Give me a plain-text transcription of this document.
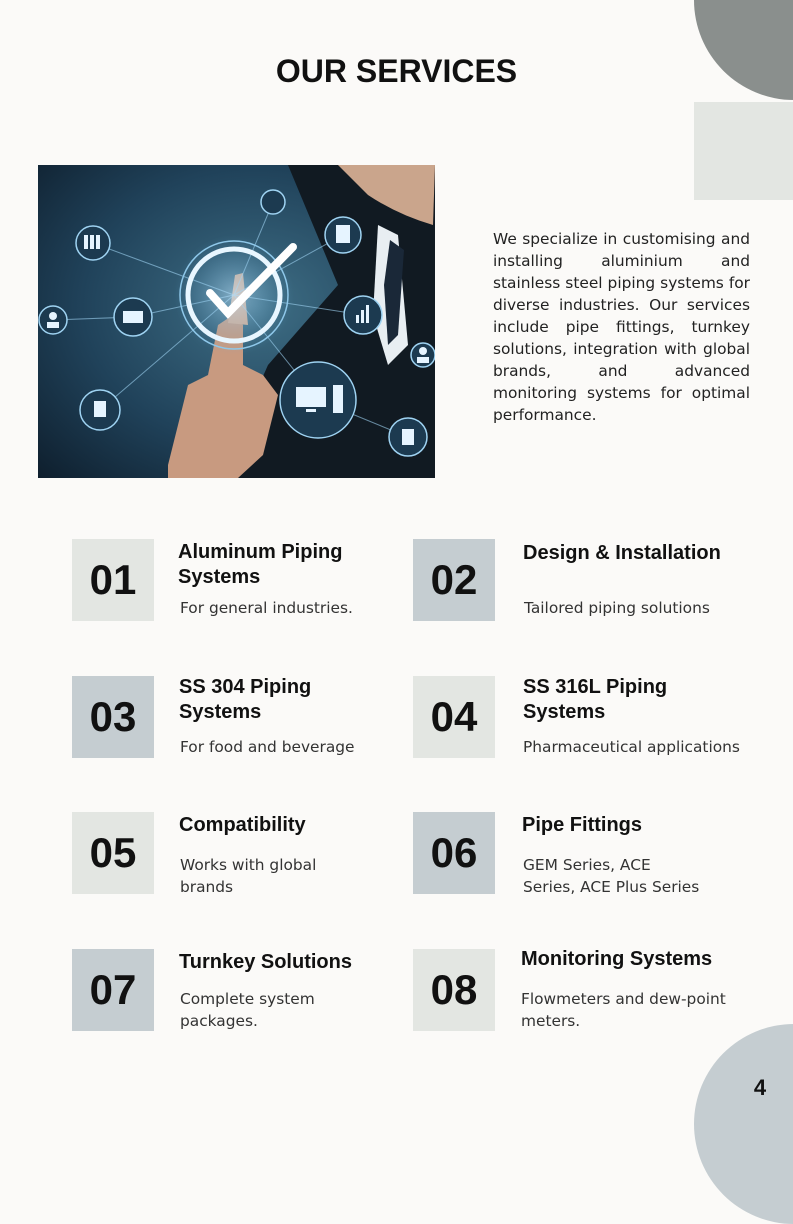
OUR SERVICES

We specialize in customising and installing aluminium and stainless steel piping systems for diverse industries. Our services include pipe fittings, turnkey solutions, integration with global brands, and advanced monitoring systems for optimal performance.

01
Aluminum Piping
Systems
For general industries.
02
Design & Installation
Tailored piping solutions
03
SS 304 Piping
Systems
For food and beverage
04
SS 316L Piping
Systems
Pharmaceutical applications
05
Compatibility
Works with global
brands
06
Pipe Fittings
GEM Series, ACE
Series, ACE Plus Series
07
Turnkey Solutions
Complete system
packages.
08
Monitoring Systems
Flowmeters and dew-point
meters.
4
